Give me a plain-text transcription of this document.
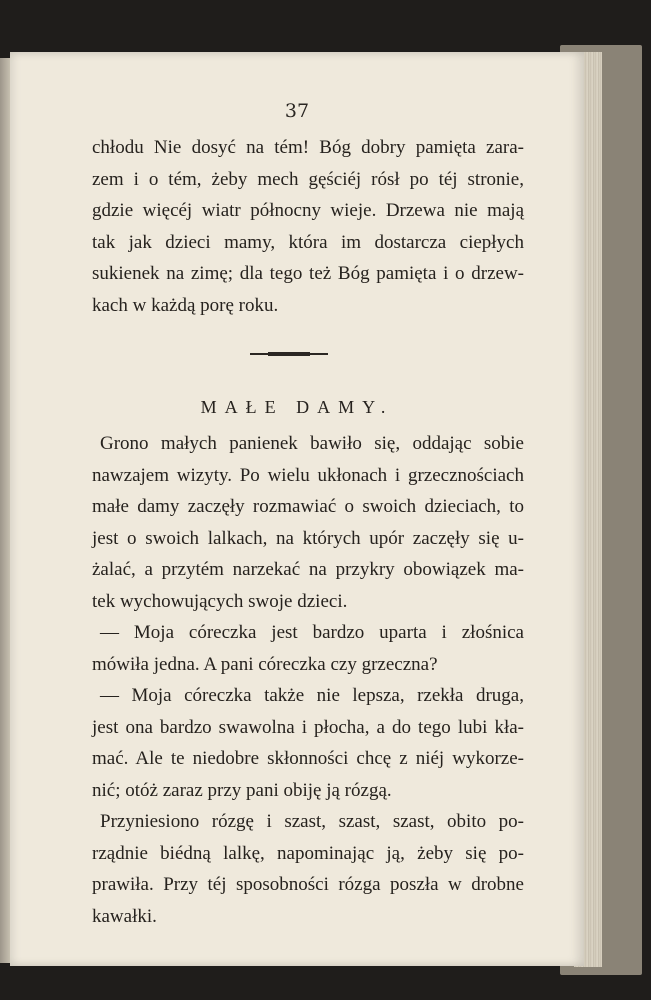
37
chłodu Nie dosyć na tém! Bóg dobry pamięta zara-
zem i o tém, żeby mech gęściéj rósł po téj stronie,
gdzie więcéj wiatr północny wieje. Drzewa nie mają
tak jak dzieci mamy, która im dostarcza ciepłych
sukienek na zimę; dla tego też Bóg pamięta i o drzew-
kach w każdą porę roku.
MAŁE DAMY.
Grono małych panienek bawiło się, oddając sobie
nawzajem wizyty. Po wielu ukłonach i grzecznościach
małe damy zaczęły rozmawiać o swoich dzieciach, to
jest o swoich lalkach, na których upór zaczęły się u-
żalać, a przytém narzekać na przykry obowiązek ma-
tek wychowujących swoje dzieci.
— Moja córeczka jest bardzo uparta i złośnica
mówiła jedna. A pani córeczka czy grzeczna?
— Moja córeczka także nie lepsza, rzekła druga,
jest ona bardzo swawolna i płocha, a do tego lubi kła-
mać. Ale te niedobre skłonności chcę z niéj wykorze-
nić; otóż zaraz przy pani obiję ją rózgą.
Przyniesiono rózgę i szast, szast, szast, obito po-
rządnie biédną lalkę, napominając ją, żeby się po-
prawiła. Przy téj sposobności rózga poszła w drobne
kawałki.
